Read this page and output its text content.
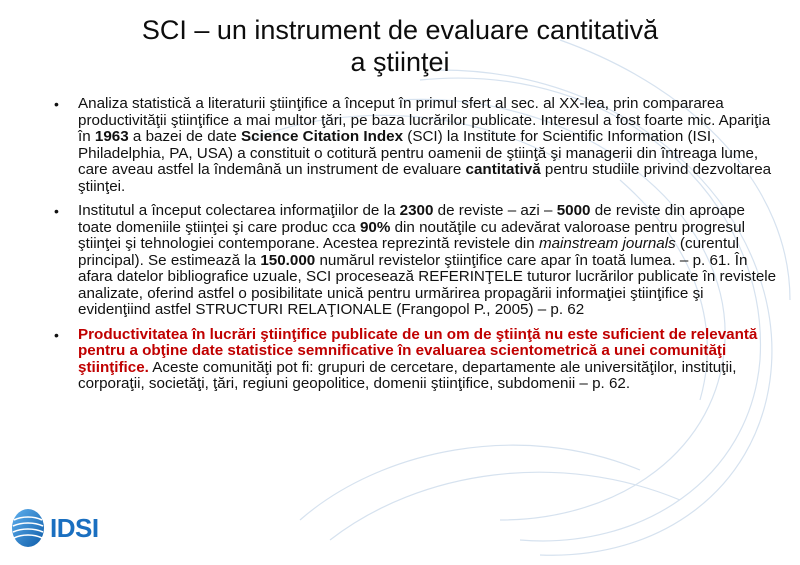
SCI – un instrument de evaluare cantitativă
a ştiinţei
• Analiza statistică a literaturii ştiinţifice a început în primul sfert al sec. al XX-lea, prin compararea productivităţii ştiinţifice a mai multor ţări, pe baza lucrărilor publicate. Interesul a fost foarte mic. Apariţia în 1963 a bazei de date Science Citation Index (SCI) la Institute for Scientific Information (ISI, Philadelphia, PA, USA) a constituit o cotitură pentru oamenii de ştiinţă şi managerii din întreaga lume, care aveau astfel la îndemână un instrument de evaluare cantitativă pentru studiile privind dezvoltarea ştiinţei.
• Institutul a început colectarea informaţiilor de la 2300 de reviste – azi – 5000 de reviste din aproape toate domeniile ştiinţei şi care produc cca 90% din noutăţile cu adevărat valoroase pentru progresul ştiinţei şi tehnologiei contemporane. Acestea reprezintă revistele din mainstream journals (curentul principal). Se estimează la 150.000 numărul revistelor ştiinţifice care apar în toată lumea. – p. 61. În afara datelor bibliografice uzuale, SCI procesează REFERINŢELE tuturor lucrărilor publicate în revistele analizate, oferind astfel o posibilitate unică pentru urmărirea propagării informaţiei ştiinţifice şi evidenţiind astfel STRUCTURI RELAŢIONALE (Frangopol P., 2005) – p. 62
• Productivitatea în lucrări ştiinţifice publicate de un om de ştiinţă nu este suficient de relevantă pentru a obţine date statistice semnificative în evaluarea scientometrică a unei comunităţi ştiinţifice. Aceste comunităţi pot fi: grupuri de cercetare, departamente ale universităţilor, instituţii, corporaţii, societăţi, ţări, regiuni geopolitice, domenii ştiinţifice, subdomenii – p. 62.
IDSI
